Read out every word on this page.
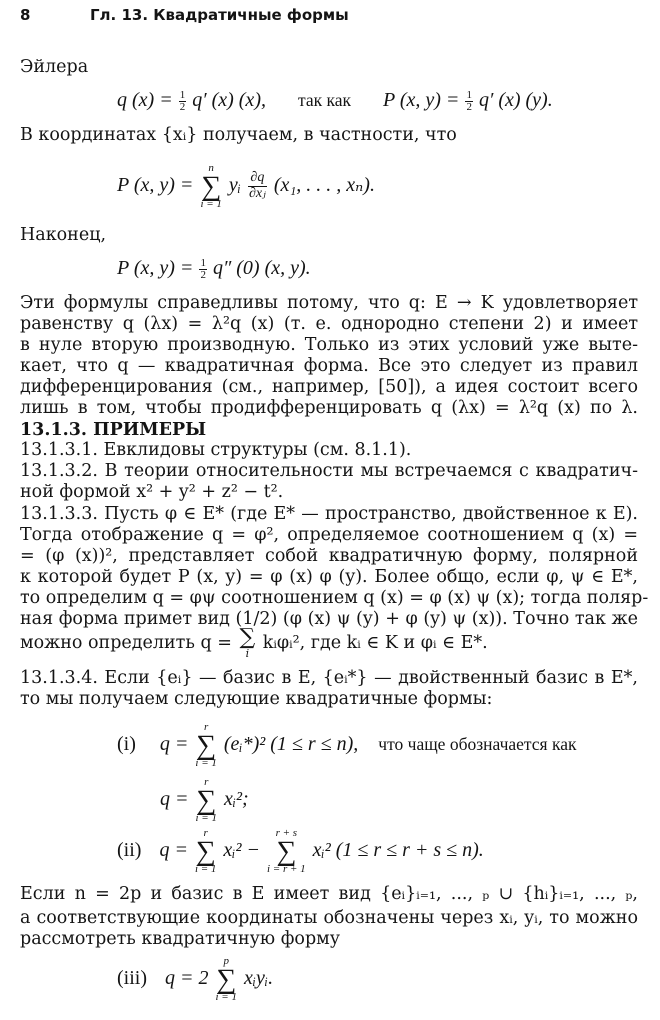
8	Гл. 13. Квадратичные формы
Эйлера
q $(x) = \frac{1}{2} q'$ (x) (x), так как P (x, $y) = \frac{1}{2} q'$ (x) (y).
В координатах {xᵢ} получаем, в частности, что
P (x, y) =
n
∑
i = 1
yᵢ $\frac{\partial q}{\text{∂xⱼ}} (x_1$, . . . , xₙ).
Наконец,
P (x, $y) = \frac{1}{2} q''$ (0) (x, y).
Эти формулы справедливы потому, что q: E → K удовлетворяет
равенству q (λx) = λ²q (x) (т. е. однородно степени 2) и имеет
в нуле вторую производную. Только из этих условий уже выте-
кает, что q — квадратичная форма. Все это следует из правил
дифференцирования (см., например, [50]), а идея состоит всего
лишь в том, чтобы продифференцировать q (λx) = λ²q (x) по λ.
13.1.3. ПРИМЕРЫ
13.1.3.1. Евклидовы структуры (см. 8.1.1).
13.1.3.2. В теории относительности мы встречаемся с квадратич-
ной формой x² + y² + z² − t².
13.1.3.3. Пусть φ ∈ E* (где E* — пространство, двойственное к E).
Тогда отображение q = φ², определяемое соотношением q (x) =
= (φ (x))², представляет собой квадратичную форму, полярной
к которой будет P (x, y) = φ (x) φ (y). Более общо, если φ, ψ ∈ E*,
то определим q = φψ соотношением q (x) = φ (x) ψ (x); тогда поляр-
ная форма примет вид (1/2) (φ (x) ψ (y) + φ (y) ψ (x)). Точно так же
можно определить q = ∑
i
kᵢφᵢ², где kᵢ ∈ K и φᵢ ∈ E*.
13.1.3.4. Если {eᵢ} — базис в E, {eᵢ*} — двойственный базис в E*,
то мы получаем следующие квадратичные формы:
(i) q =
r
∑
i = 1
(eᵢ*)² (1 ≤ r ≤ n), что чаще обозначается как
q =
r
∑
i = 1
xᵢ²;
(ii) q =
r
∑
i = 1
xᵢ² −
r + s
∑
i = r + 1
xᵢ² (1 ≤ r ≤ r + s ≤ n).
Если n = 2p и базис в E имеет вид {eᵢ}ᵢ₌₁, ..., ₚ ∪ {hᵢ}ᵢ₌₁, ..., ₚ,
а соответствующие координаты обозначены через xᵢ, yᵢ, то можно
рассмотреть квадратичную форму
(iii) q = 2
p
∑
i = 1
xᵢyᵢ.
